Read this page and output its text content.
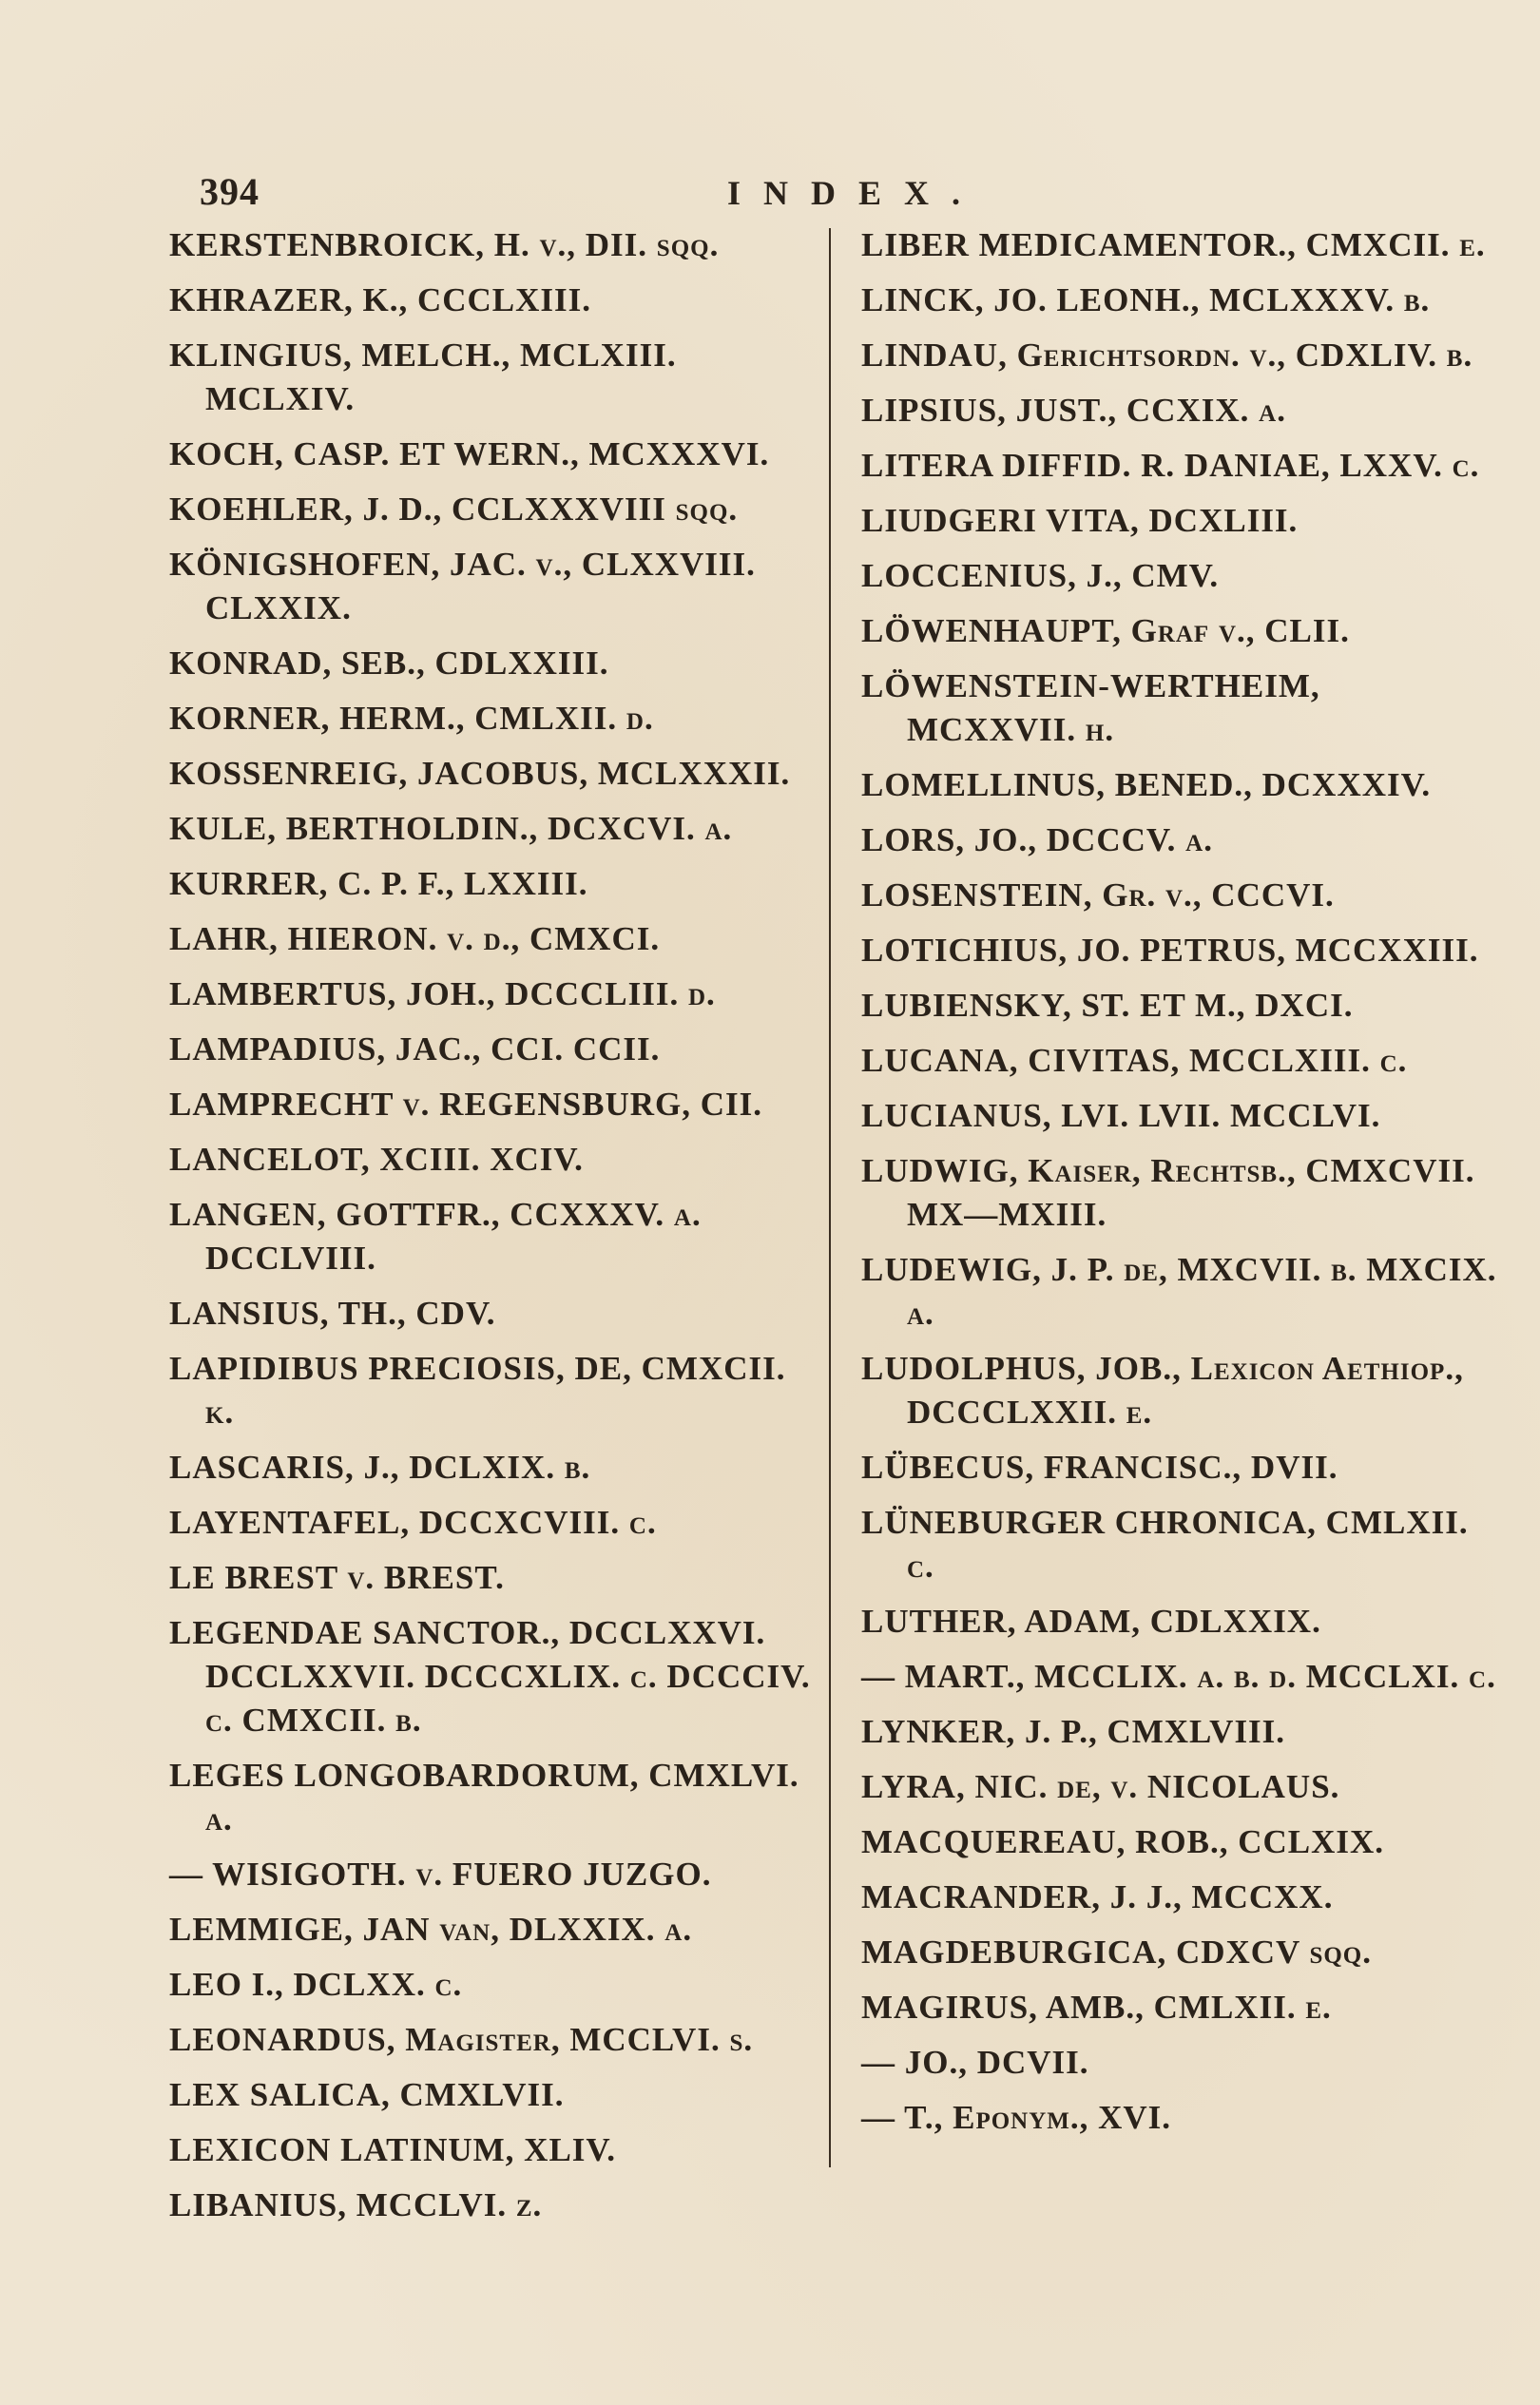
394	INDEX.
KERSTENBROICK, H. v., DII. sqq.
KHRAZER, K., CCCLXIII.
KLINGIUS, MELCH., MCLXIII. MCLXIV.
KOCH, CASP. ET WERN., MCXXXVI.
KOEHLER, J. D., CCLXXXVIII sqq.
KÖNIGSHOFEN, JAC. v., CLXXVIII. CLXXIX.
KONRAD, SEB., CDLXXIII.
KORNER, HERM., CMLXII. d.
KOSSENREIG, JACOBUS, MCLXXXII.
KULE, BERTHOLDIN., DCXCVI. a.
KURRER, C. P. F., LXXIII.
LAHR, HIERON. v. d., CMXCI.
LAMBERTUS, JOH., DCCCLIII. d.
LAMPADIUS, JAC., CCI. CCII.
LAMPRECHT v. REGENSBURG, CII.
LANCELOT, XCIII. XCIV.
LANGEN, GOTTFR., CCXXXV. a. DCCLVIII.
LANSIUS, TH., CDV.
LAPIDIBUS PRECIOSIS, DE, CMXCII. k.
LASCARIS, J., DCLXIX. b.
LAYENTAFEL, DCCXCVIII. c.
LE BREST v. BREST.
LEGENDAE SANCTOR., DCCLXXVI. DCCLXXVII. DCCCXLIX. c. DCCCIV. c. CMXCII. b.
LEGES LONGOBARDORUM, CMXLVI. a.
— WISIGOTH. v. FUERO JUZGO.
LEMMIGE, JAN van, DLXXIX. a.
LEO I., DCLXX. c.
LEONARDUS, Magister, MCCLVI. s.
LEX SALICA, CMXLVII.
LEXICON LATINUM, XLIV.
LIBANIUS, MCCLVI. z.
LIBER MEDICAMENTOR., CMXCII. e.
LINCK, JO. LEONH., MCLXXXV. b.
LINDAU, Gerichtsordn. v., CDXLIV. b.
LIPSIUS, JUST., CCXIX. a.
LITERA DIFFID. R. DANIAE, LXXV. c.
LIUDGERI VITA, DCXLIII.
LOCCENIUS, J., CMV.
LÖWENHAUPT, Graf v., CLII.
LÖWENSTEIN-WERTHEIM, MCXXVII. h.
LOMELLINUS, BENED., DCXXXIV.
LORS, JO., DCCCV. a.
LOSENSTEIN, Gr. v., CCCVI.
LOTICHIUS, JO. PETRUS, MCCXXIII.
LUBIENSKY, ST. ET M., DXCI.
LUCANA, CIVITAS, MCCLXIII. c.
LUCIANUS, LVI. LVII. MCCLVI.
LUDWIG, Kaiser, Rechtsb., CMXCVII. MX—MXIII.
LUDEWIG, J. P. de, MXCVII. b. MXCIX. a.
LUDOLPHUS, JOB., Lexicon Aethiop., DCCCLXXII. e.
LÜBECUS, FRANCISC., DVII.
LÜNEBURGER CHRONICA, CMLXII. c.
LUTHER, ADAM, CDLXXIX.
— MART., MCCLIX. a. b. d. MCCLXI. c.
LYNKER, J. P., CMXLVIII.
LYRA, NIC. de, v. NICOLAUS.
MACQUEREAU, ROB., CCLXIX.
MACRANDER, J. J., MCCXX.
MAGDEBURGICA, CDXCV sqq.
MAGIRUS, AMB., CMLXII. e.
— JO., DCVII.
— T., Eponym., XVI.
